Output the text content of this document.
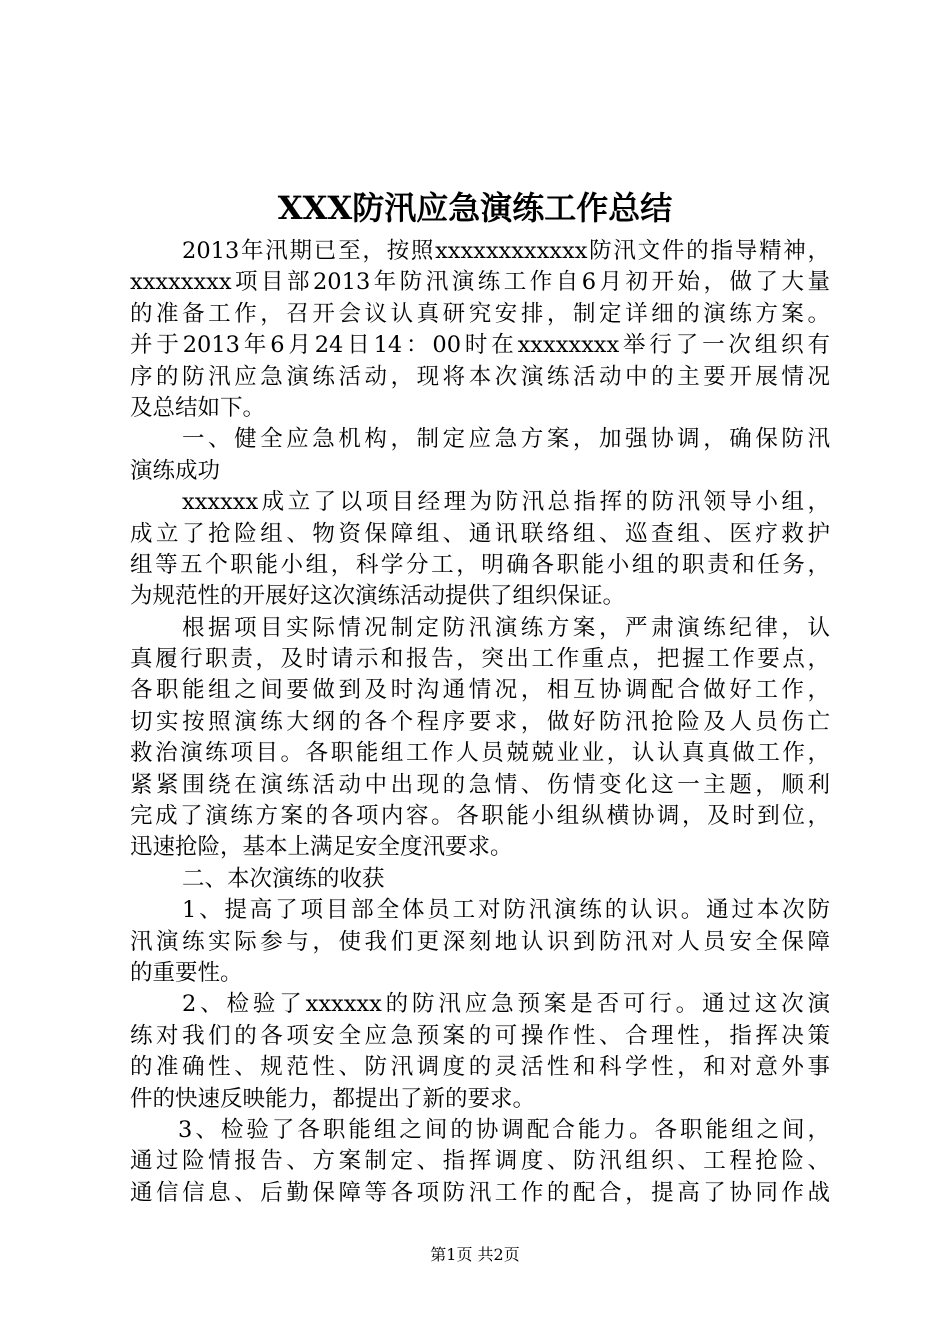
XXX防汛应急演练工作总结
2013年汛期已至，按照xxxxxxxxxxxx防汛文件的指导精神，
xxxxxxxx项目部2013年防汛演练工作自6月初开始，做了大量
的准备工作，召开会议认真研究安排，制定详细的演练方案。
并于2013年6月24日14：00时在xxxxxxxx举行了一次组织有
序的防汛应急演练活动，现将本次演练活动中的主要开展情况
及总结如下。
一、健全应急机构，制定应急方案，加强协调，确保防汛
演练成功
xxxxxx成立了以项目经理为防汛总指挥的防汛领导小组，
成立了抢险组、物资保障组、通讯联络组、巡查组、医疗救护
组等五个职能小组，科学分工，明确各职能小组的职责和任务，
为规范性的开展好这次演练活动提供了组织保证。
根据项目实际情况制定防汛演练方案，严肃演练纪律，认
真履行职责，及时请示和报告，突出工作重点，把握工作要点，
各职能组之间要做到及时沟通情况，相互协调配合做好工作，
切实按照演练大纲的各个程序要求，做好防汛抢险及人员伤亡
救治演练项目。各职能组工作人员兢兢业业，认认真真做工作，
紧紧围绕在演练活动中出现的急情、伤情变化这一主题，顺利
完成了演练方案的各项内容。各职能小组纵横协调，及时到位，
迅速抢险，基本上满足安全度汛要求。
二、本次演练的收获
1、提高了项目部全体员工对防汛演练的认识。通过本次防
汛演练实际参与，使我们更深刻地认识到防汛对人员安全保障
的重要性。
2、检验了xxxxxx的防汛应急预案是否可行。通过这次演
练对我们的各项安全应急预案的可操作性、合理性，指挥决策
的准确性、规范性、防汛调度的灵活性和科学性，和对意外事
件的快速反映能力，都提出了新的要求。
3、检验了各职能组之间的协调配合能力。各职能组之间，
通过险情报告、方案制定、指挥调度、防汛组织、工程抢险、
通信信息、后勤保障等各项防汛工作的配合，提高了协同作战
第1页 共2页
